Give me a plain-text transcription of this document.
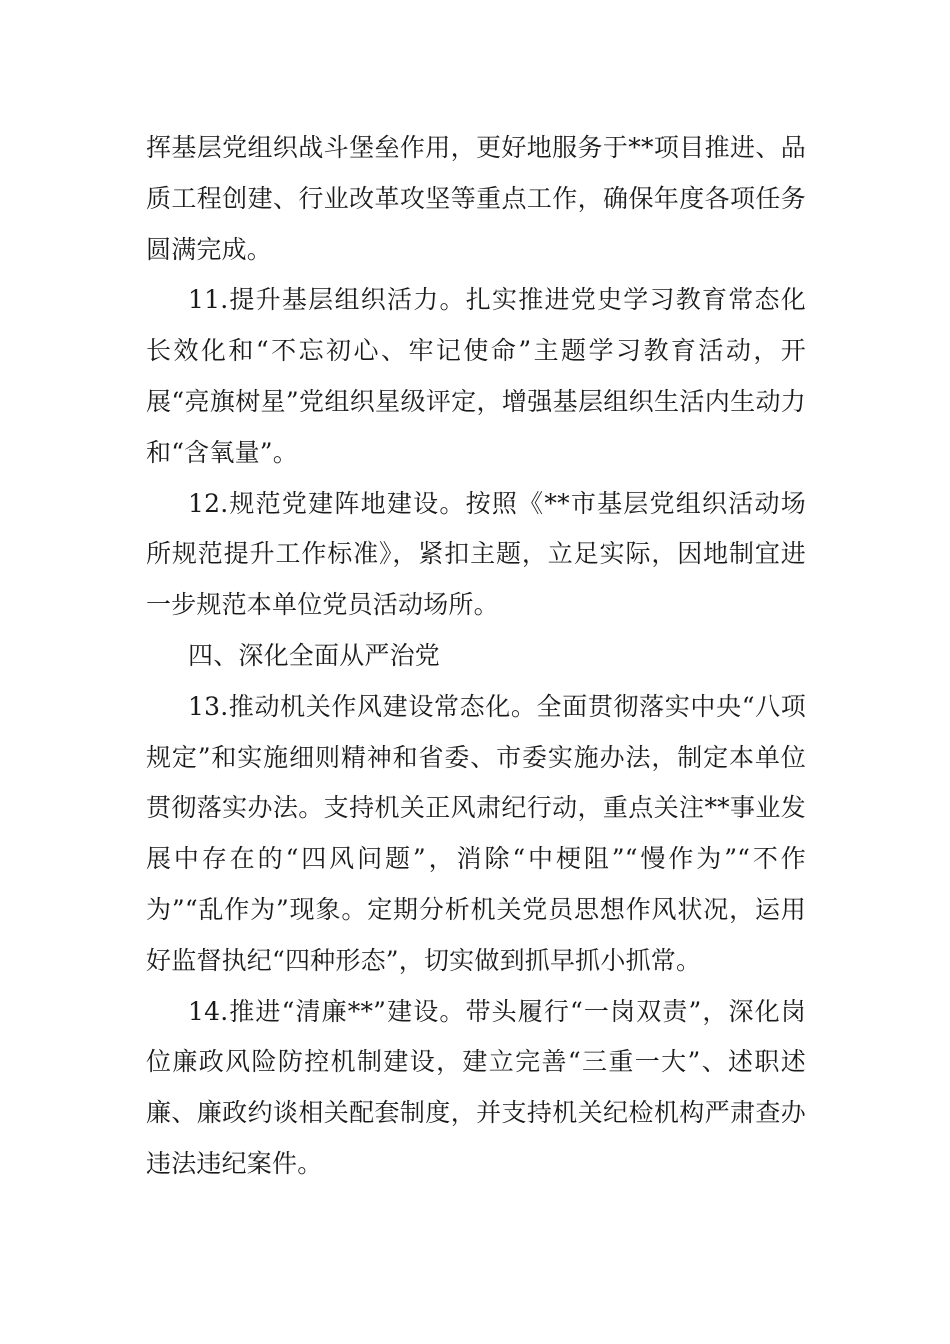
挥基层党组织战斗堡垒作用，更好地服务于**项目推进、品质工程创建、行业改革攻坚等重点工作，确保年度各项任务圆满完成。

11.提升基层组织活力。扎实推进党史学习教育常态化长效化和“不忘初心、牢记使命”主题学习教育活动，开展“亮旗树星”党组织星级评定，增强基层组织生活内生动力和“含氧量”。

12.规范党建阵地建设。按照《**市基层党组织活动场所规范提升工作标准》，紧扣主题，立足实际，因地制宜进一步规范本单位党员活动场所。

四、深化全面从严治党

13.推动机关作风建设常态化。全面贯彻落实中央“八项规定”和实施细则精神和省委、市委实施办法，制定本单位贯彻落实办法。支持机关正风肃纪行动，重点关注**事业发展中存在的“四风问题”，消除“中梗阻”“慢作为”“不作为”“乱作为”现象。定期分析机关党员思想作风状况，运用好监督执纪“四种形态”，切实做到抓早抓小抓常。

14.推进“清廉**”建设。带头履行“一岗双责”，深化岗位廉政风险防控机制建设，建立完善“三重一大”、述职述廉、廉政约谈相关配套制度，并支持机关纪检机构严肃查办违法违纪案件。
